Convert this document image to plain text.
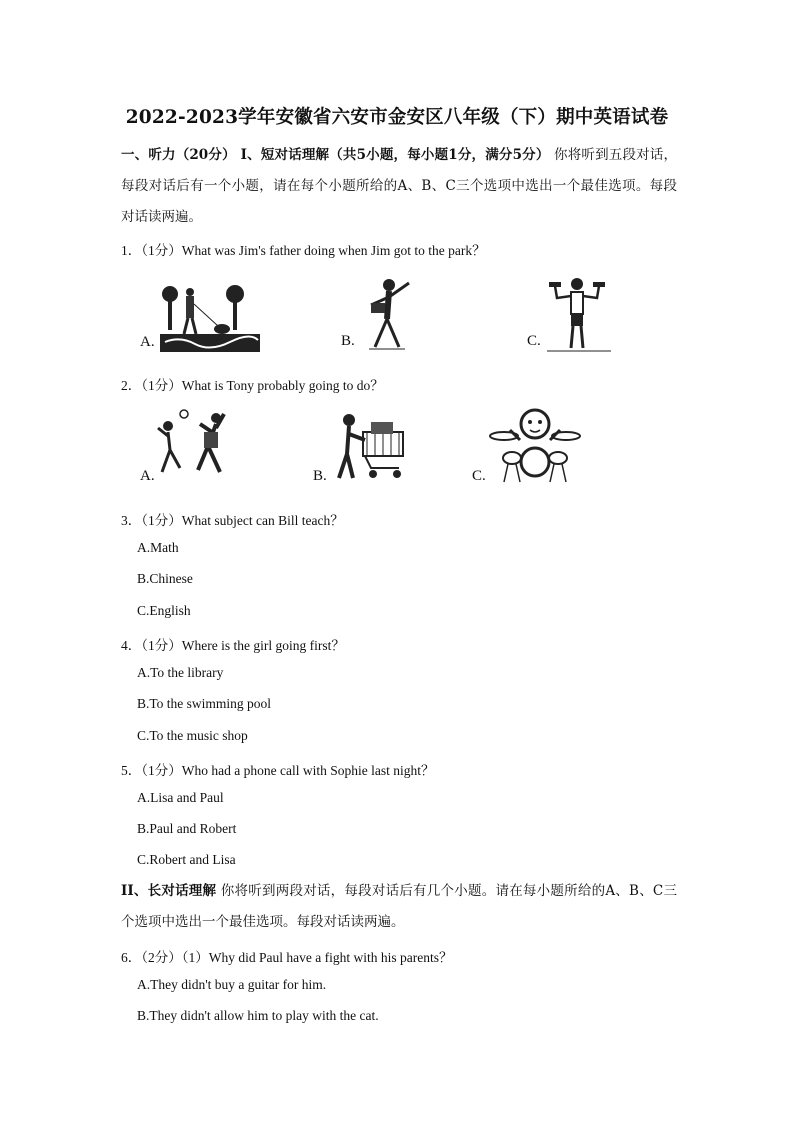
2022-2023学年安徽省六安市金安区八年级（下）期中英语试卷
一、听力（20分） I、短对话理解（共5小题，每小题1分，满分5分） 你将听到五段对话，每段对话后有一个小题，请在每个小题所给的A、B、C三个选项中选出一个最佳选项。每段对话读两遍。
1．（1分）What was Jim's father doing when Jim got to the park？
A.	B.	C.
2．（1分）What is Tony probably going to do？
A.	B.	C.
3．（1分）What subject can Bill teach？
A.Math
B.Chinese
C.English
4．（1分）Where is the girl going first？
A.To the library
B.To the swimming pool
C.To the music shop
5．（1分）Who had a phone call with Sophie last night？
A.Lisa and Paul
B.Paul and Robert
C.Robert and Lisa
II、长对话理解 你将听到两段对话，每段对话后有几个小题。请在每小题所给的A、B、C三个选项中选出一个最佳选项。每段对话读两遍。
6．（2分）（1）Why did Paul have a fight with his parents？
A.They didn't buy a guitar for him.
B.They didn't allow him to play with the cat.
